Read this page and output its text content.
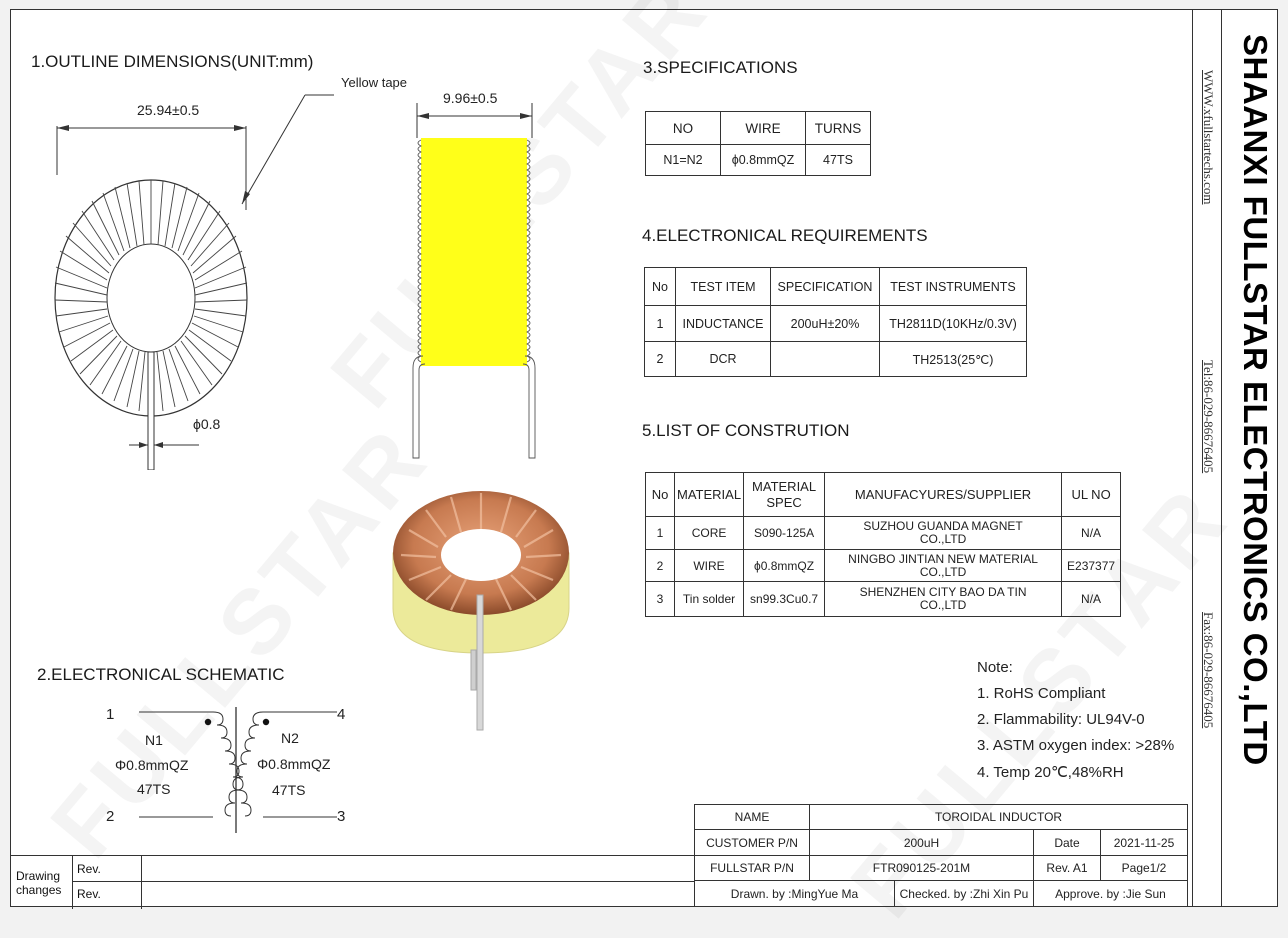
1.OUTLINE DIMENSIONS(UNIT:mm)
25.94±0.5
ϕ0.8
Yellow tape
9.96±0.5
2.ELECTRONICAL SCHEMATIC
1
2
4
3
N1
Φ0.8mmQZ
47TS
N2
Φ0.8mmQZ
47TS
3.SPECIFICATIONS
NO	WIRE	TURNS
N1=N2	ϕ0.8mmQZ	47TS
4.ELECTRONICAL REQUIREMENTS
No	TEST ITEM	SPECIFICATION	TEST INSTRUMENTS
1	INDUCTANCE	200uH±20%	TH2811D(10KHz/0.3V)
2	DCR		TH2513(25℃)
5.LIST OF CONSTRUTION
No	MATERIAL	MATERIAL SPEC	MANUFACYURES/SUPPLIER	UL NO
1	CORE	S090-125A	SUZHOU GUANDA MAGNET CO.,LTD	N/A
2	WIRE	ϕ0.8mmQZ	NINGBO JINTIAN NEW MATERIAL CO.,LTD	E237377
3	Tin solder	sn99.3Cu0.7	SHENZHEN CITY BAO DA TIN CO.,LTD	N/A
Note:
1. RoHS Compliant
2. Flammability: UL94V-0
3. ASTM oxygen index: >28%
4. Temp 20℃,48%RH
Drawing changes
Rev.
Rev.
NAME	TOROIDAL INDUCTOR			
CUSTOMER P/N	200uH		Date	2021-11-25
FULLSTAR P/N	FTR090125-201M		Rev. A1	Page1/2
Drawn. by :MingYue Ma		Checked. by :Zhi Xin Pu	Approve. by :Jie Sun	
WWW.xfullstartechs.com
Tel:86-029-86676405
Fax:86-029-86676405 SHAANXI FULLSTAR ELECTRONICS CO.,LTD
